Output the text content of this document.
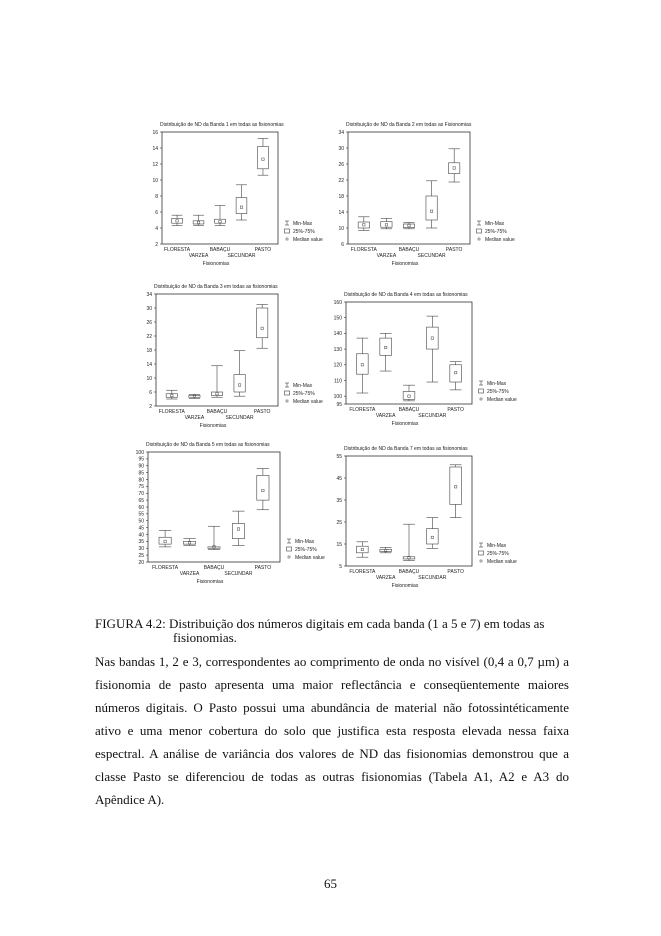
Distribuição de ND da Banda 1 em todas as fisionomias
2
4
6
8
10
12
14
16
FLORESTA
VARZEA
BABAÇU
SECUNDAR
PASTO
Fisionomias
Min-Max
25%-75%
Median value
Distribuição de ND da Banda 2 em todas as Fisionomias
6
10
14
18
22
26
30
34
FLORESTA
VARZEA
BABAÇU
SECUNDAR
PASTO
Fisionomias
Min-Max
25%-75%
Median value
Distribuição de ND da Banda 3 em todas as fisionomias
2
6
10
14
18
22
26
30
34
FLORESTA
VARZEA
BABAÇU
SECUNDAR
PASTO
Fisionomias
Min-Max
25%-75%
Median value
Distribuição de ND da Banda 4 em todas as fisionomias
95
100
110
120
130
140
150
160
FLORESTA
VARZEA
BABAÇU
SECUNDAR
PASTO
Fisionomias
Min-Max
25%-75%
Median value
Distribuição de ND da Banda 5 em todas as fisionomias
20
25
30
35
40
45
50
55
60
65
70
75
80
85
90
95
100
FLORESTA
VARZEA
BABAÇU
SECUNDAR
PASTO
Fisionomias
Min-Max
25%-75%
Median value
Distribuição de ND da Banda 7 em todas as fisionomias
5
15
25
35
45
55
FLORESTA
VARZEA
BABAÇU
SECUNDAR
PASTO
Fisionomias
Min-Max
25%-75%
Median value
FIGURA 4.2: Distribuição dos números digitais em cada banda (1 a 5 e 7) em todas as
fisionomias.
Nas bandas 1, 2 e 3, correspondentes ao comprimento de onda no visível (0,4 a 0,7 µm) a fisionomia de pasto apresenta uma maior reflectância e conseqüentemente maiores números digitais. O Pasto possui uma abundância de material não fotossintéticamente ativo e uma menor cobertura do solo que justifica esta resposta elevada nessa faixa espectral. A análise de variância dos valores de ND das fisionomias demonstrou que a classe Pasto se diferenciou de todas as outras fisionomias (Tabela A1, A2 e A3 do Apêndice A).
65
